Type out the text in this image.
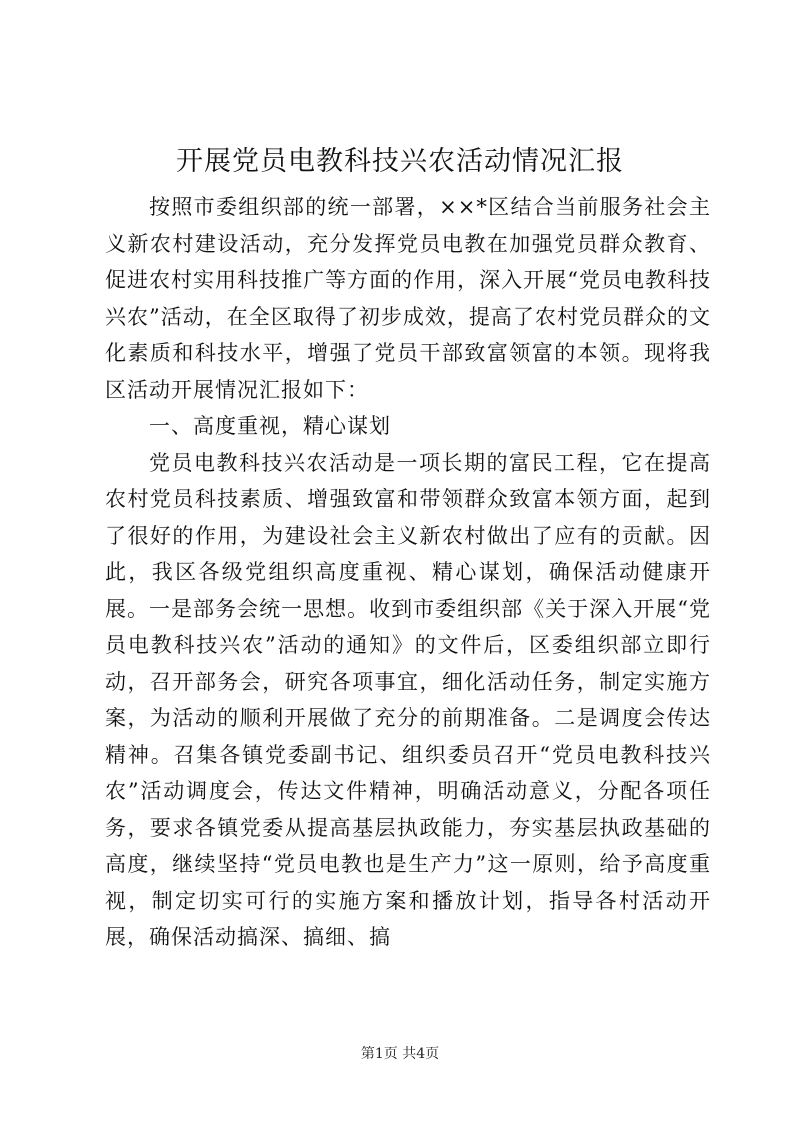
开展党员电教科技兴农活动情况汇报

按照市委组织部的统一部署，××*区结合当前服务社会主义新农村建设活动，充分发挥党员电教在加强党员群众教育、促进农村实用科技推广等方面的作用，深入开展“党员电教科技兴农”活动，在全区取得了初步成效，提高了农村党员群众的文化素质和科技水平，增强了党员干部致富领富的本领。现将我区活动开展情况汇报如下：

一、高度重视，精心谋划

党员电教科技兴农活动是一项长期的富民工程，它在提高农村党员科技素质、增强致富和带领群众致富本领方面，起到了很好的作用，为建设社会主义新农村做出了应有的贡献。因此，我区各级党组织高度重视、精心谋划，确保活动健康开展。一是部务会统一思想。收到市委组织部《关于深入开展“党员电教科技兴农”活动的通知》的文件后，区委组织部立即行动，召开部务会，研究各项事宜，细化活动任务，制定实施方案，为活动的顺利开展做了充分的前期准备。二是调度会传达精神。召集各镇党委副书记、组织委员召开“党员电教科技兴农”活动调度会，传达文件精神，明确活动意义，分配各项任务，要求各镇党委从提高基层执政能力，夯实基层执政基础的高度，继续坚持“党员电教也是生产力”这一原则，给予高度重视，制定切实可行的实施方案和播放计划，指导各村活动开展，确保活动搞深、搞细、搞

第1页 共4页
